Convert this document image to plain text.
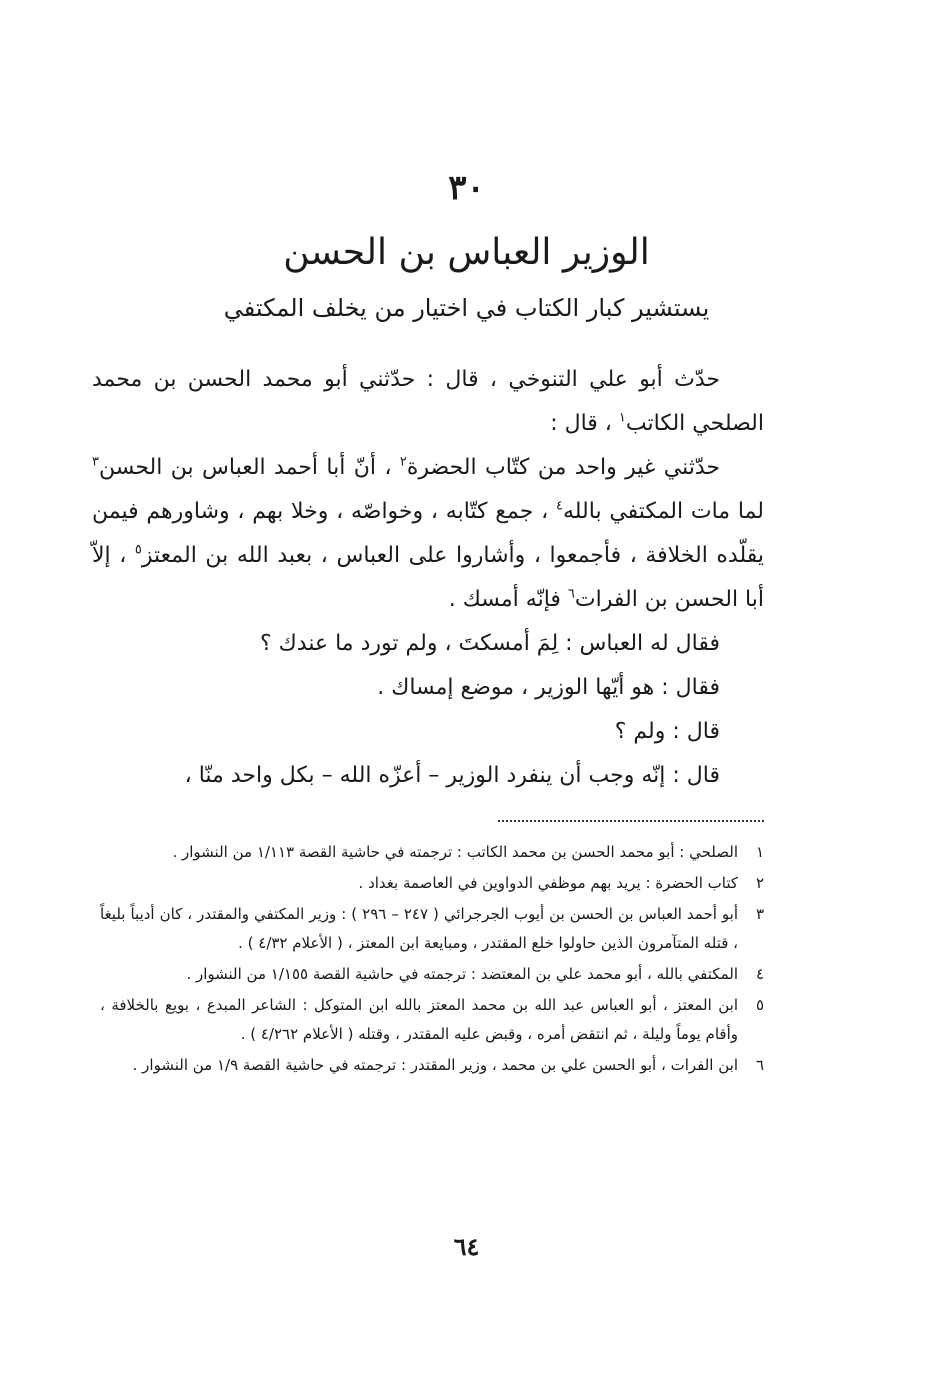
٣٠
الوزير العباس بن الحسن
يستشير كبار الكتاب في اختيار من يخلف المكتفي

حدّث أبو علي التنوخي ، قال : حدّثني أبو محمد الحسن بن محمد الصلحي الكاتب$^١$ ، قال :

حدّثني غير واحد من كتّاب الحضرة$^٢$ ، أنّ أبا أحمد العباس بن الحسن$^٣$ لما مات المكتفي بالله$^٤$ ، جمع كتّابه ، وخواصّه ، وخلا بهم ، وشاورهم فيمن يقلّده الخلافة ، فأجمعوا ، وأشاروا على العباس ، بعبد الله بن المعتز$^٥$ ، إلاّ أبا الحسن بن الفرات$^٦$ فإنّه أمسك .

فقال له العباس : لِمَ أمسكتَ ، ولم تورد ما عندك ؟

فقال : هو أيّها الوزير ، موضع إمساك .

قال : ولم ؟

قال : إنّه وجب أن ينفرد الوزير – أعزّه الله – بكل واحد منّا ،

١
الصلحي : أبو محمد الحسن بن محمد الكاتب : ترجمته في حاشية القصة ١/١١٣ من النشوار .
٢
كتاب الحضرة : يريد بهم موظفي الدواوين في العاصمة بغداد .
٣
أبو أحمد العباس بن الحسن بن أيوب الجرجرائي ( ٢٤٧ – ٢٩٦ ) : وزير المكتفي والمقتدر ، كان أديباً بليغاً ، قتله المتآمرون الذين حاولوا خلع المقتدر ، ومبايعة ابن المعتز ، ( الأعلام ٤/٣٢ ) .
٤
المكتفي بالله ، أبو محمد علي بن المعتضد : ترجمته في حاشية القصة ١/١٥٥ من النشوار .
٥
ابن المعتز ، أبو العباس عبد الله بن محمد المعتز بالله ابن المتوكل : الشاعر المبدع ، بويع بالخلافة ، وأقام يوماً وليلة ، ثم انتقض أمره ، وقبض عليه المقتدر ، وقتله ( الأعلام ٤/٢٦٢ ) .
٦
ابن الفرات ، أبو الحسن علي بن محمد ، وزير المقتدر : ترجمته في حاشية القصة ١/٩ من النشوار .
٦٤
